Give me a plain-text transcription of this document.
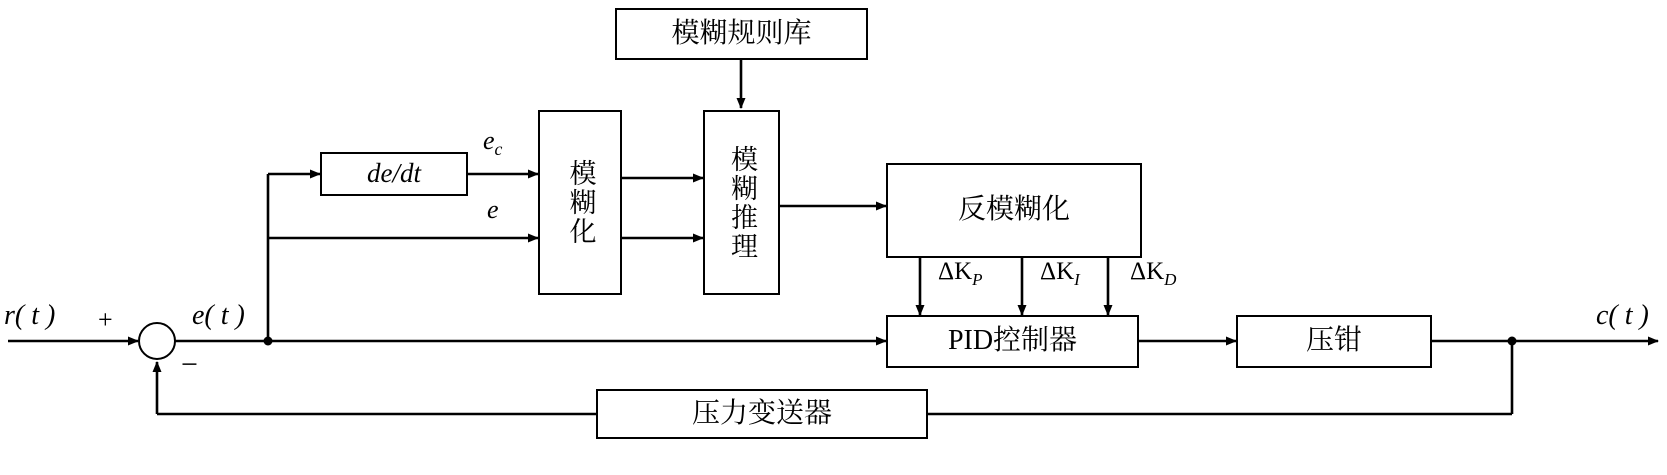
模糊规则库
de/dt	模糊化	模糊推理	反模糊化
PID控制器	压钳
压力变送器
r( t ) +
−
e( t )	c( t )
$e_c$
e
$\Delta K_P$ $\Delta K_I$ $\Delta K_D$
